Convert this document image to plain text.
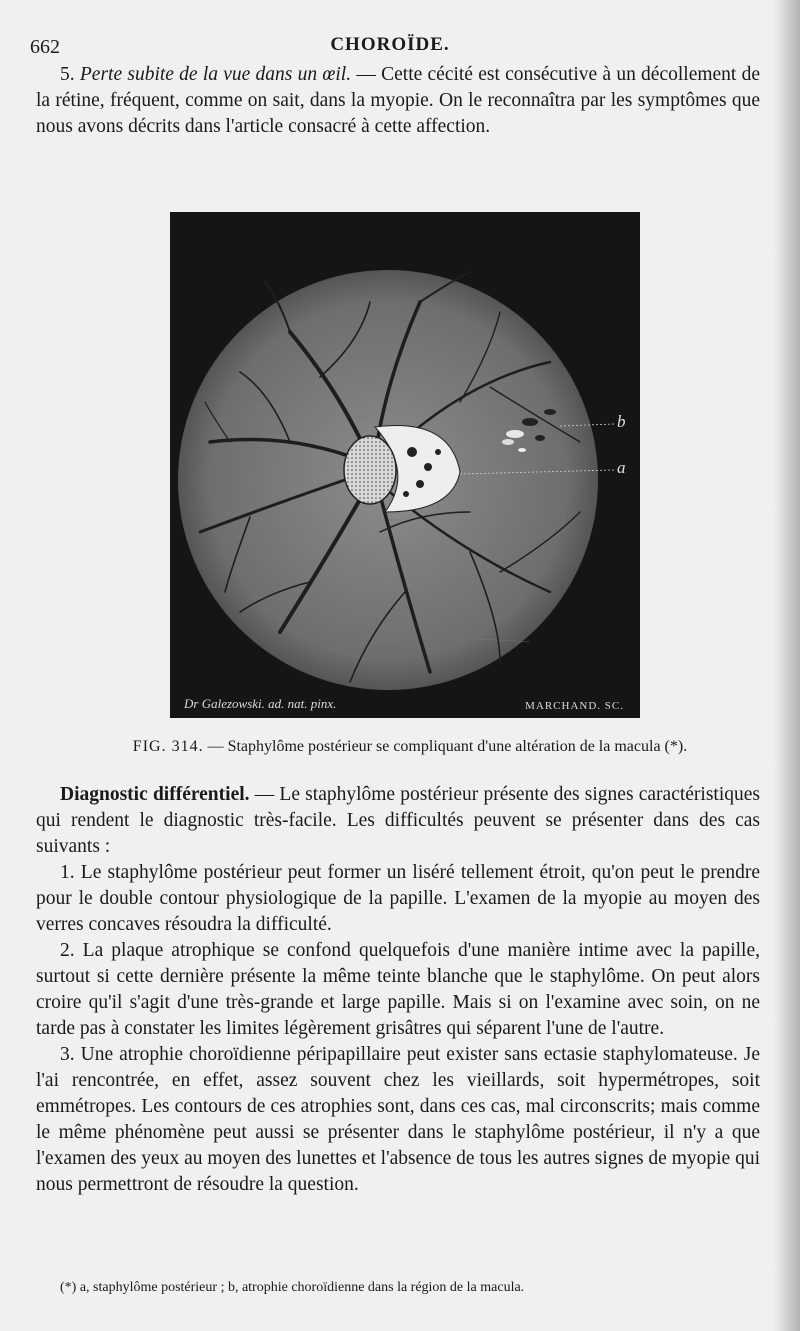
662	CHOROÏDE.

5. Perte subite de la vue dans un œil. — Cette cécité est consécutive à un décollement de la rétine, fréquent, comme on sait, dans la myopie. On le reconnaîtra par les symptômes que nous avons décrits dans l'article consacré à cette affection.

b
a
Dr Galezowski. ad. nat. pinx.	MARCHAND. SC.
FIG. 314. — Staphylôme postérieur se compliquant d'une altération de la macula (*).

Diagnostic différentiel. — Le staphylôme postérieur présente des signes caractéristiques qui rendent le diagnostic très-facile. Les difficultés peuvent se présenter dans des cas suivants :

1. Le staphylôme postérieur peut former un liséré tellement étroit, qu'on peut le prendre pour le double contour physiologique de la papille. L'examen de la myopie au moyen des verres concaves résoudra la difficulté.

2. La plaque atrophique se confond quelquefois d'une manière intime avec la papille, surtout si cette dernière présente la même teinte blanche que le staphylôme. On peut alors croire qu'il s'agit d'une très-grande et large papille. Mais si on l'examine avec soin, on ne tarde pas à constater les limites légèrement grisâtres qui séparent l'une de l'autre.

3. Une atrophie choroïdienne péripapillaire peut exister sans ectasie staphylomateuse. Je l'ai rencontrée, en effet, assez souvent chez les vieillards, soit hypermétropes, soit emmétropes. Les contours de ces atrophies sont, dans ces cas, mal circonscrits; mais comme le même phénomène peut aussi se présenter dans le staphylôme postérieur, il n'y a que l'examen des yeux au moyen des lunettes et l'absence de tous les autres signes de myopie qui nous permettront de résoudre la question.

(*) a, staphylôme postérieur ; b, atrophie choroïdienne dans la région de la macula.
